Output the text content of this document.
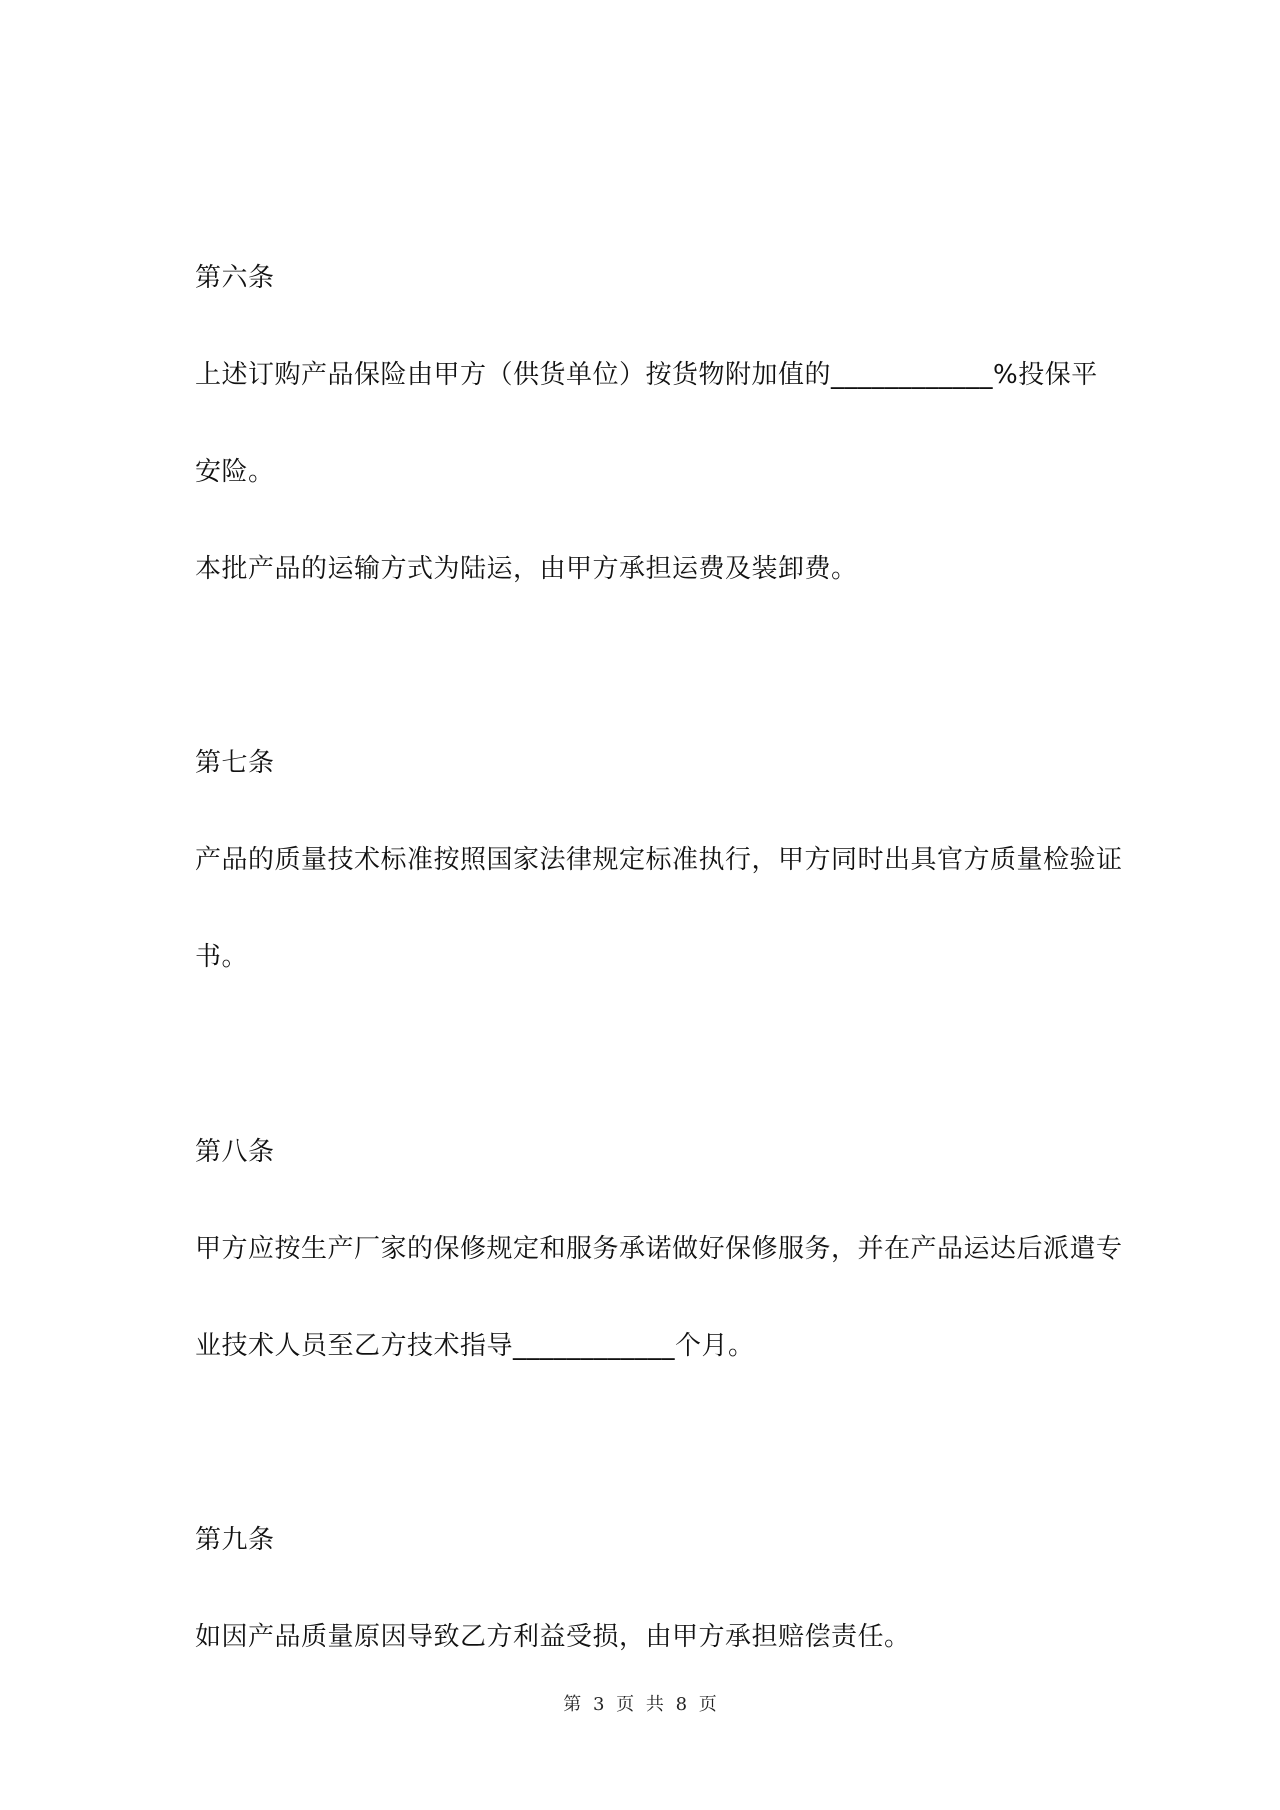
第六条
上述订购产品保险由甲方（供货单位）按货物附加值的____________%投保平
安险。
本批产品的运输方式为陆运，由甲方承担运费及装卸费。
第七条
产品的质量技术标准按照国家法律规定标准执行，甲方同时出具官方质量检验证
书。
第八条
甲方应按生产厂家的保修规定和服务承诺做好保修服务，并在产品运达后派遣专
业技术人员至乙方技术指导____________个月。
第九条
如因产品质量原因导致乙方利益受损，由甲方承担赔偿责任。
第 3 页 共 8 页
